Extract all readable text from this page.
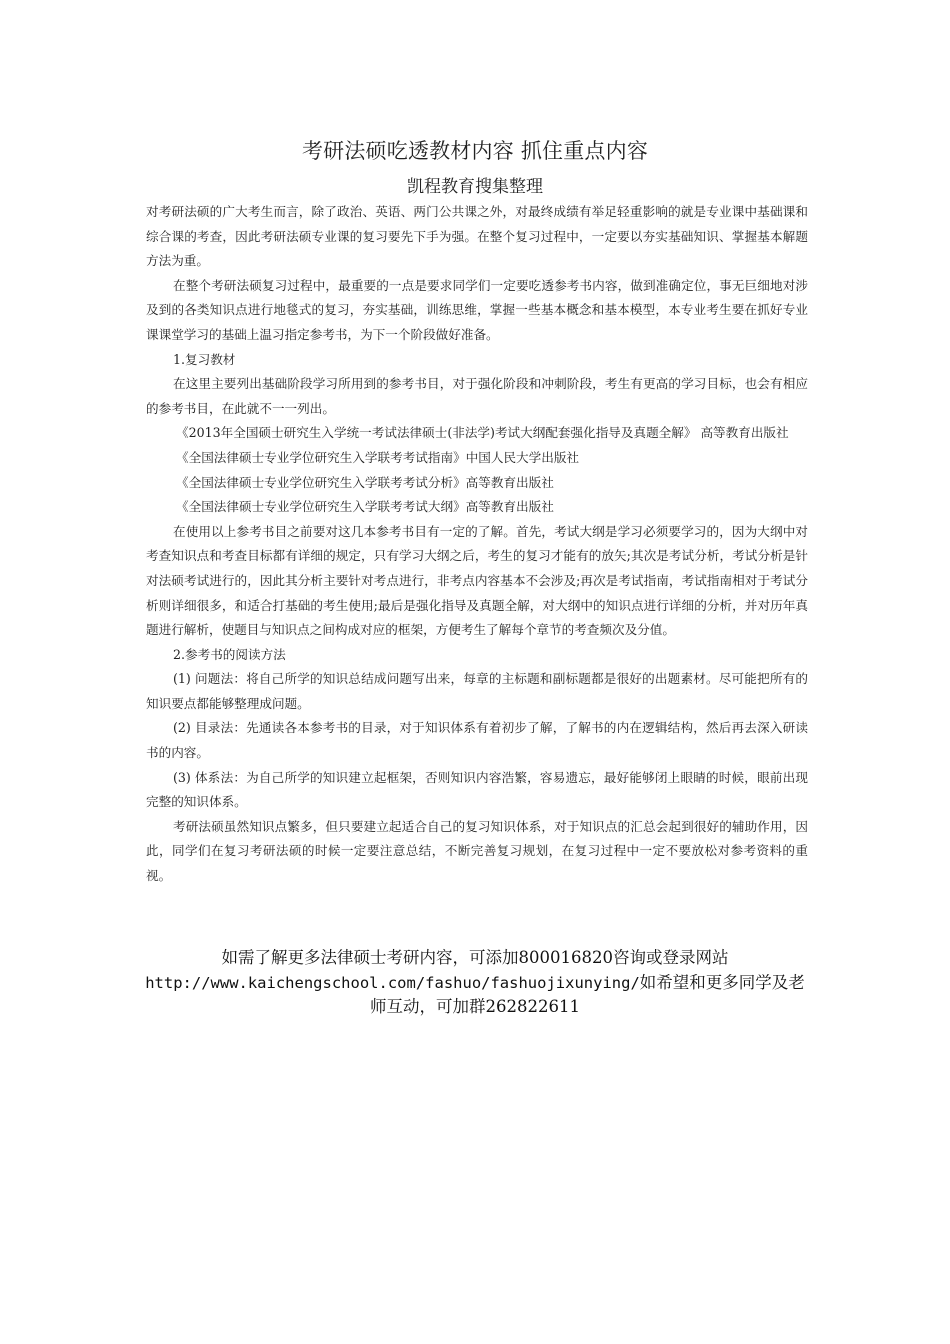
考研法硕吃透教材内容 抓住重点内容
凯程教育搜集整理

对考研法硕的广大考生而言，除了政治、英语、两门公共课之外，对最终成绩有举足轻重影响的就是专业课中基础课和综合课的考查，因此考研法硕专业课的复习要先下手为强。在整个复习过程中，一定要以夯实基础知识、掌握基本解题方法为重。

在整个考研法硕复习过程中，最重要的一点是要求同学们一定要吃透参考书内容，做到准确定位，事无巨细地对涉及到的各类知识点进行地毯式的复习，夯实基础，训练思维，掌握一些基本概念和基本模型，本专业考生要在抓好专业课课堂学习的基础上温习指定参考书，为下一个阶段做好准备。

1.复习教材

在这里主要列出基础阶段学习所用到的参考书目，对于强化阶段和冲刺阶段，考生有更高的学习目标，也会有相应的参考书目，在此就不一一列出。

《2013年全国硕士研究生入学统一考试法律硕士(非法学)考试大纲配套强化指导及真题全解》 高等教育出版社

《全国法律硕士专业学位研究生入学联考考试指南》中国人民大学出版社

《全国法律硕士专业学位研究生入学联考考试分析》高等教育出版社

《全国法律硕士专业学位研究生入学联考考试大纲》高等教育出版社

在使用以上参考书目之前要对这几本参考书目有一定的了解。首先，考试大纲是学习必须要学习的，因为大纲中对考查知识点和考查目标都有详细的规定，只有学习大纲之后，考生的复习才能有的放矢;其次是考试分析，考试分析是针对法硕考试进行的，因此其分析主要针对考点进行，非考点内容基本不会涉及;再次是考试指南，考试指南相对于考试分析则详细很多，和适合打基础的考生使用;最后是强化指导及真题全解，对大纲中的知识点进行详细的分析，并对历年真题进行解析，使题目与知识点之间构成对应的框架，方便考生了解每个章节的考查频次及分值。

2.参考书的阅读方法

(1) 问题法：将自己所学的知识总结成问题写出来，每章的主标题和副标题都是很好的出题素材。尽可能把所有的知识要点都能够整理成问题。

(2) 目录法：先通读各本参考书的目录，对于知识体系有着初步了解，了解书的内在逻辑结构，然后再去深入研读书的内容。

(3) 体系法：为自己所学的知识建立起框架，否则知识内容浩繁，容易遗忘，最好能够闭上眼睛的时候，眼前出现完整的知识体系。

考研法硕虽然知识点繁多，但只要建立起适合自己的复习知识体系，对于知识点的汇总会起到很好的辅助作用，因此，同学们在复习考研法硕的时候一定要注意总结，不断完善复习规划，在复习过程中一定不要放松对参考资料的重视。

如需了解更多法律硕士考研内容，可添加800016820咨询或登录网站http://www.kaichengschool.com/fashuo/fashuojixunying/如希望和更多同学及老师互动，可加群262822611
